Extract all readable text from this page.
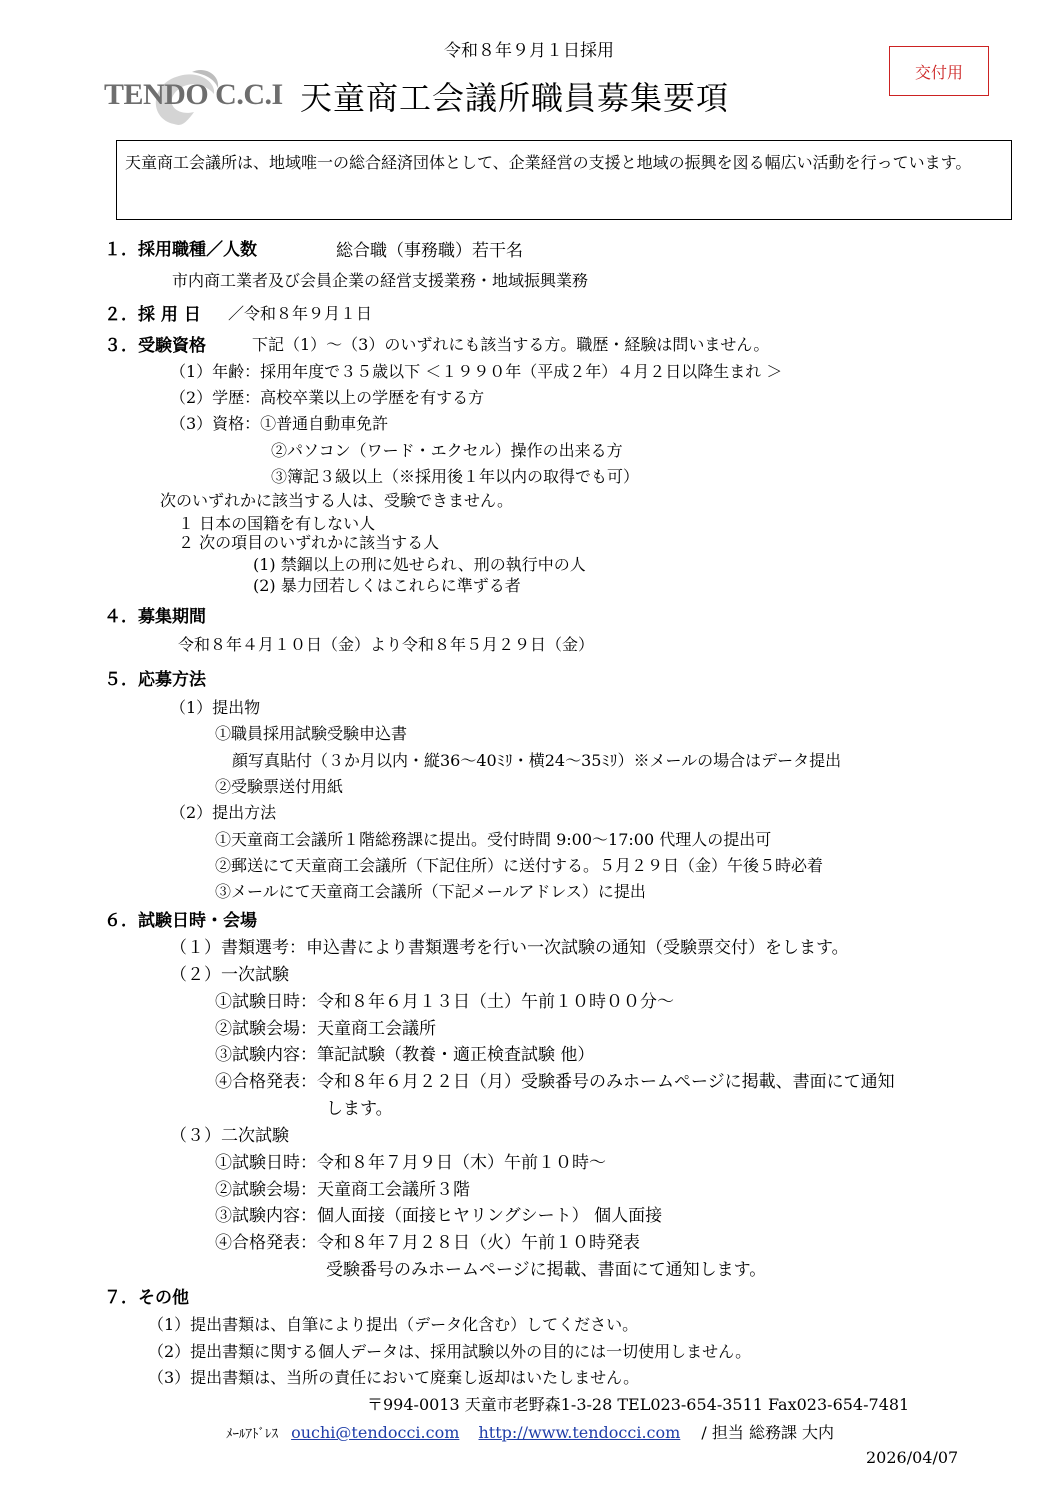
令和８年９月１日採用
交付用
TENDO C.C.I 天童商工会議所職員募集要項
天童商工会議所は、地域唯一の総合経済団体として、企業経営の支援と地域の振興を図る幅広い活動を行っています。
１．採用職種／人数	総合職（事務職）若干名
市内商工業者及び会員企業の経営支援業務・地域振興業務
２．採 用 日 ／令和８年９月１日
３．受験資格	下記（1）～（3）のいずれにも該当する方。職歴・経験は問いません。
（1）年齢：採用年度で３５歳以下 ＜１９９０年（平成２年）４月２日以降生まれ ＞
（2）学歴：高校卒業以上の学歴を有する方
（3）資格：①普通自動車免許
②パソコン（ワード・エクセル）操作の出来る方
③簿記３級以上（※採用後１年以内の取得でも可）
次のいずれかに該当する人は、受験できません。
１ 日本の国籍を有しない人
２ 次の項目のいずれかに該当する人
(1) 禁錮以上の刑に処せられ、刑の執行中の人
(2) 暴力団若しくはこれらに準ずる者
４．募集期間
令和８年４月１０日（金）より令和８年５月２９日（金）
５．応募方法
（1）提出物
①職員採用試験受験申込書
顔写真貼付（３か月以内・縦36～40ﾐﾘ・横24～35ﾐﾘ）※メールの場合はデータ提出
②受験票送付用紙
（2）提出方法
①天童商工会議所１階総務課に提出。受付時間 9:00～17:00 代理人の提出可
②郵送にて天童商工会議所（下記住所）に送付する。５月２９日（金）午後５時必着
③メールにて天童商工会議所（下記メールアドレス）に提出
６．試験日時・会場
（１）書類選考：申込書により書類選考を行い一次試験の通知（受験票交付）をします。
（２）一次試験
①試験日時：令和８年６月１３日（土）午前１０時００分～
②試験会場：天童商工会議所
③試験内容：筆記試験（教養・適正検査試験 他）
④合格発表：令和８年６月２２日（月）受験番号のみホームページに掲載、書面にて通知
します。
（３）二次試験
①試験日時：令和８年７月９日（木）午前１０時～
②試験会場：天童商工会議所３階
③試験内容：個人面接（面接ヒヤリングシート） 個人面接
④合格発表：令和８年７月２８日（火）午前１０時発表
受験番号のみホームページに掲載、書面にて通知します。
７．その他
（1）提出書類は、自筆により提出（データ化含む）してください。
（2）提出書類に関する個人データは、採用試験以外の目的には一切使用しません。
（3）提出書類は、当所の責任において廃棄し返却はいたしません。
〒994-0013 天童市老野森1-3-28 TEL023-654-3511 Fax023-654-7481
ﾒｰﾙｱﾄﾞﾚｽ ouchi@tendocci.com http://www.tendocci.com / 担当 総務課 大内
2026/04/07
